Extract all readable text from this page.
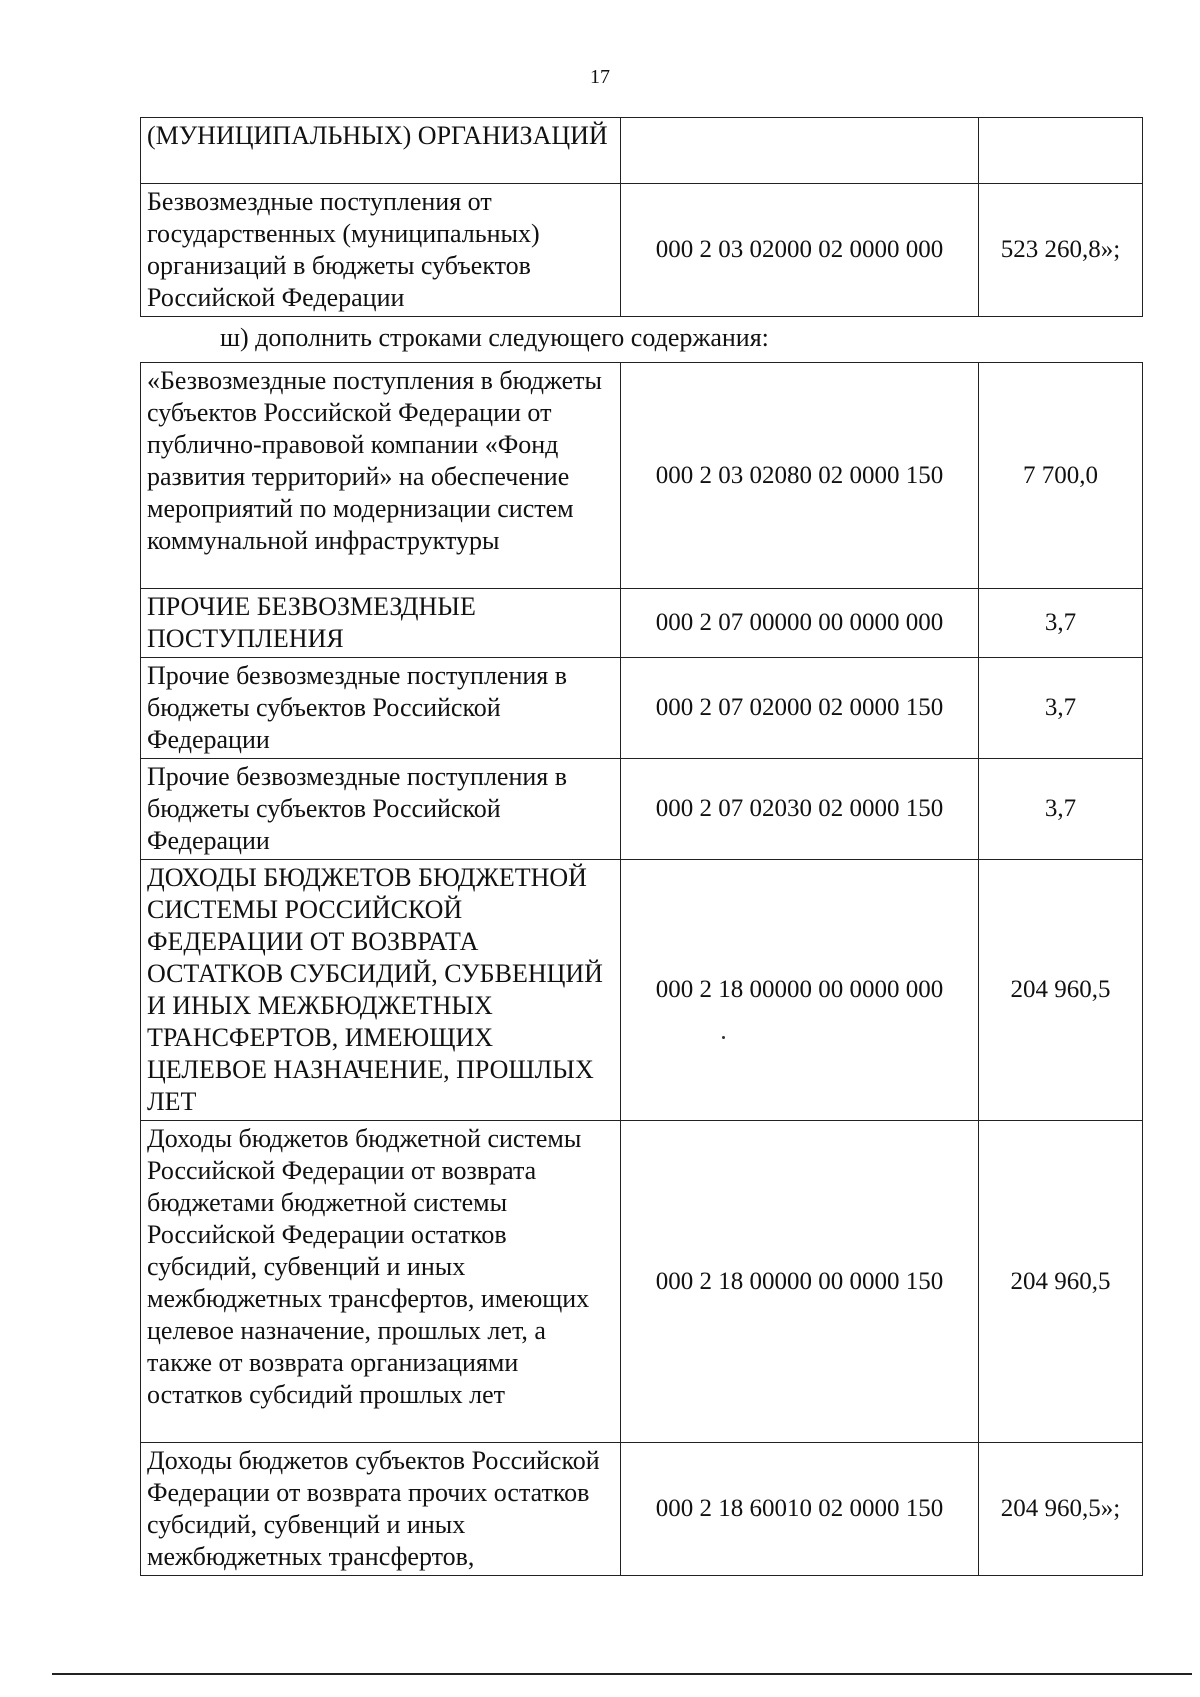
17
(МУНИЦИПАЛЬНЫХ) ОРГАНИЗАЦИЙ		
Безвозмездные поступления от государственных (муниципальных) организаций в бюджеты субъектов Российской Федерации	000 2 03 02000 02 0000 000	523 260,8»;
ш) дополнить строками следующего содержания:
«Безвозмездные поступления в бюджеты субъектов Российской Федерации от публично-правовой компании «Фонд развития территорий» на обеспечение мероприятий по модернизации систем коммунальной инфраструктуры	000 2 03 02080 02 0000 150	7 700,0
ПРОЧИЕ БЕЗВОЗМЕЗДНЫЕ ПОСТУПЛЕНИЯ	000 2 07 00000 00 0000 000	3,7
Прочие безвозмездные поступления в бюджеты субъектов Российской Федерации	000 2 07 02000 02 0000 150	3,7
Прочие безвозмездные поступления в бюджеты субъектов Российской Федерации	000 2 07 02030 02 0000 150	3,7
ДОХОДЫ БЮДЖЕТОВ БЮДЖЕТНОЙ СИСТЕМЫ РОССИЙСКОЙ ФЕДЕРАЦИИ ОТ ВОЗВРАТА ОСТАТКОВ СУБСИДИЙ, СУБВЕНЦИЙ И ИНЫХ МЕЖБЮДЖЕТНЫХ ТРАНСФЕРТОВ, ИМЕЮЩИХ ЦЕЛЕВОЕ НАЗНАЧЕНИЕ, ПРОШЛЫХ ЛЕТ	000 2 18 00000 00 0000 000	204 960,5
Доходы бюджетов бюджетной системы Российской Федерации от возврата бюджетами бюджетной системы Российской Федерации остатков субсидий, субвенций и иных межбюджетных трансфертов, имеющих целевое назначение, прошлых лет, а также от возврата организациями остатков субсидий прошлых лет	000 2 18 00000 00 0000 150	204 960,5
Доходы бюджетов субъектов Российской Федерации от возврата прочих остатков субсидий, субвенций и иных межбюджетных трансфертов,	000 2 18 60010 02 0000 150	204 960,5»;
